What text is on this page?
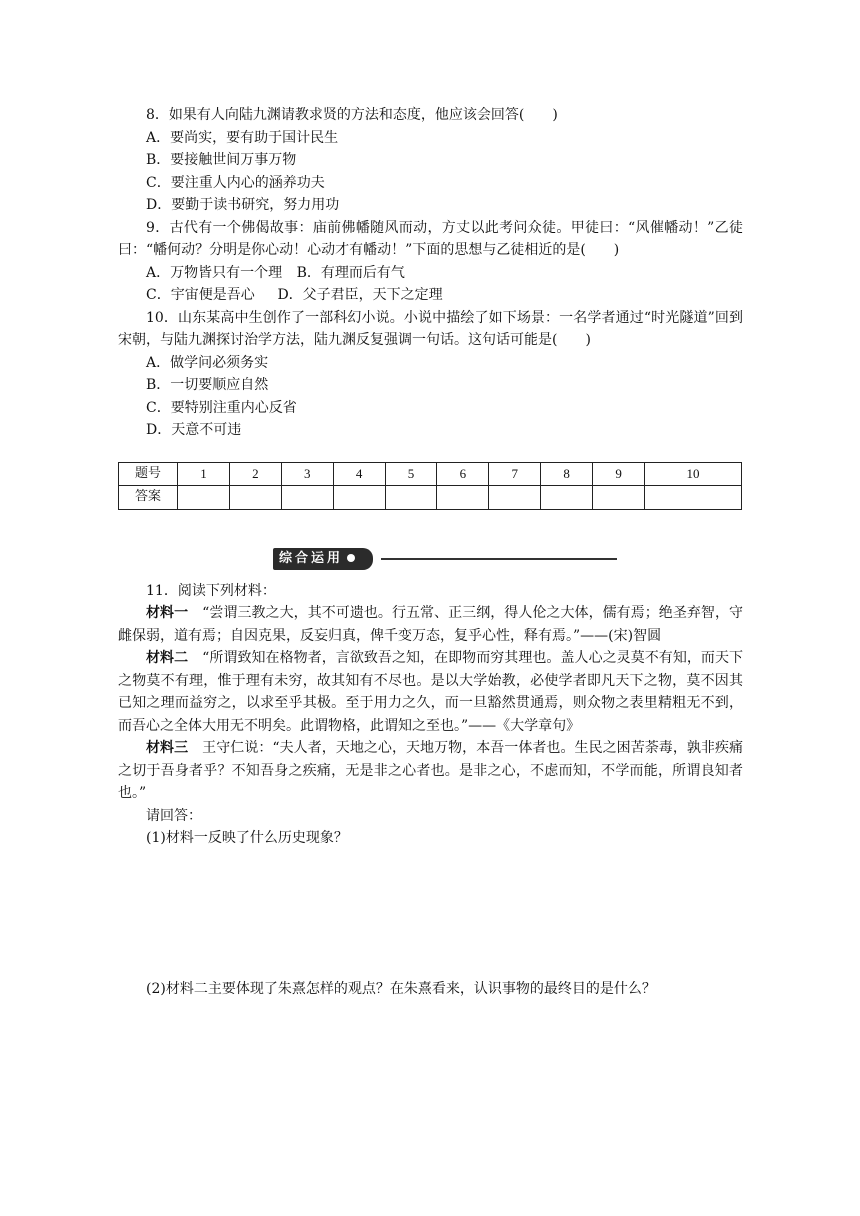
8．如果有人向陆九渊请教求贤的方法和态度，他应该会回答(　　)

A．要尚实，要有助于国计民生

B．要接触世间万事万物

C．要注重人内心的涵养功夫

D．要勤于读书研究，努力用功

9．古代有一个佛偈故事：庙前佛幡随风而动，方丈以此考问众徒。甲徒曰：“风催幡动！”乙徒曰：“幡何动？分明是你心动！心动才有幡动！”下面的思想与乙徒相近的是(　　)

A．万物皆只有一个理 B．有理而后有气

C．宇宙便是吾心 D．父子君臣，天下之定理

10．山东某高中生创作了一部科幻小说。小说中描绘了如下场景：一名学者通过“时光隧道”回到宋朝，与陆九渊探讨治学方法，陆九渊反复强调一句话。这句话可能是(　　)

A．做学问必须务实

B．一切要顺应自然

C．要特别注重内心反省

D．天意不可违

题号	1	2	3	4	5	6	7	8	9	10
答案										
综合运用

11．阅读下列材料：

材料一　“尝谓三教之大，其不可遗也。行五常、正三纲，得人伦之大体，儒有焉；绝圣弃智，守雌保弱，道有焉；自因克果，反妄归真，俾千变万态，复乎心性，释有焉。”——(宋)智圆

材料二　“所谓致知在格物者，言欲致吾之知，在即物而穷其理也。盖人心之灵莫不有知，而天下之物莫不有理，惟于理有未穷，故其知有不尽也。是以大学始教，必使学者即凡天下之物，莫不因其已知之理而益穷之，以求至乎其极。至于用力之久，而一旦豁然贯通焉，则众物之表里精粗无不到，而吾心之全体大用无不明矣。此谓物格，此谓知之至也。”——《大学章句》

材料三　王守仁说：“夫人者，天地之心，天地万物，本吾一体者也。生民之困苦荼毒，孰非疾痛之切于吾身者乎？不知吾身之疾痛，无是非之心者也。是非之心，不虑而知，不学而能，所谓良知者也。”

请回答：

(1)材料一反映了什么历史现象？

(2)材料二主要体现了朱熹怎样的观点？在朱熹看来，认识事物的最终目的是什么？
